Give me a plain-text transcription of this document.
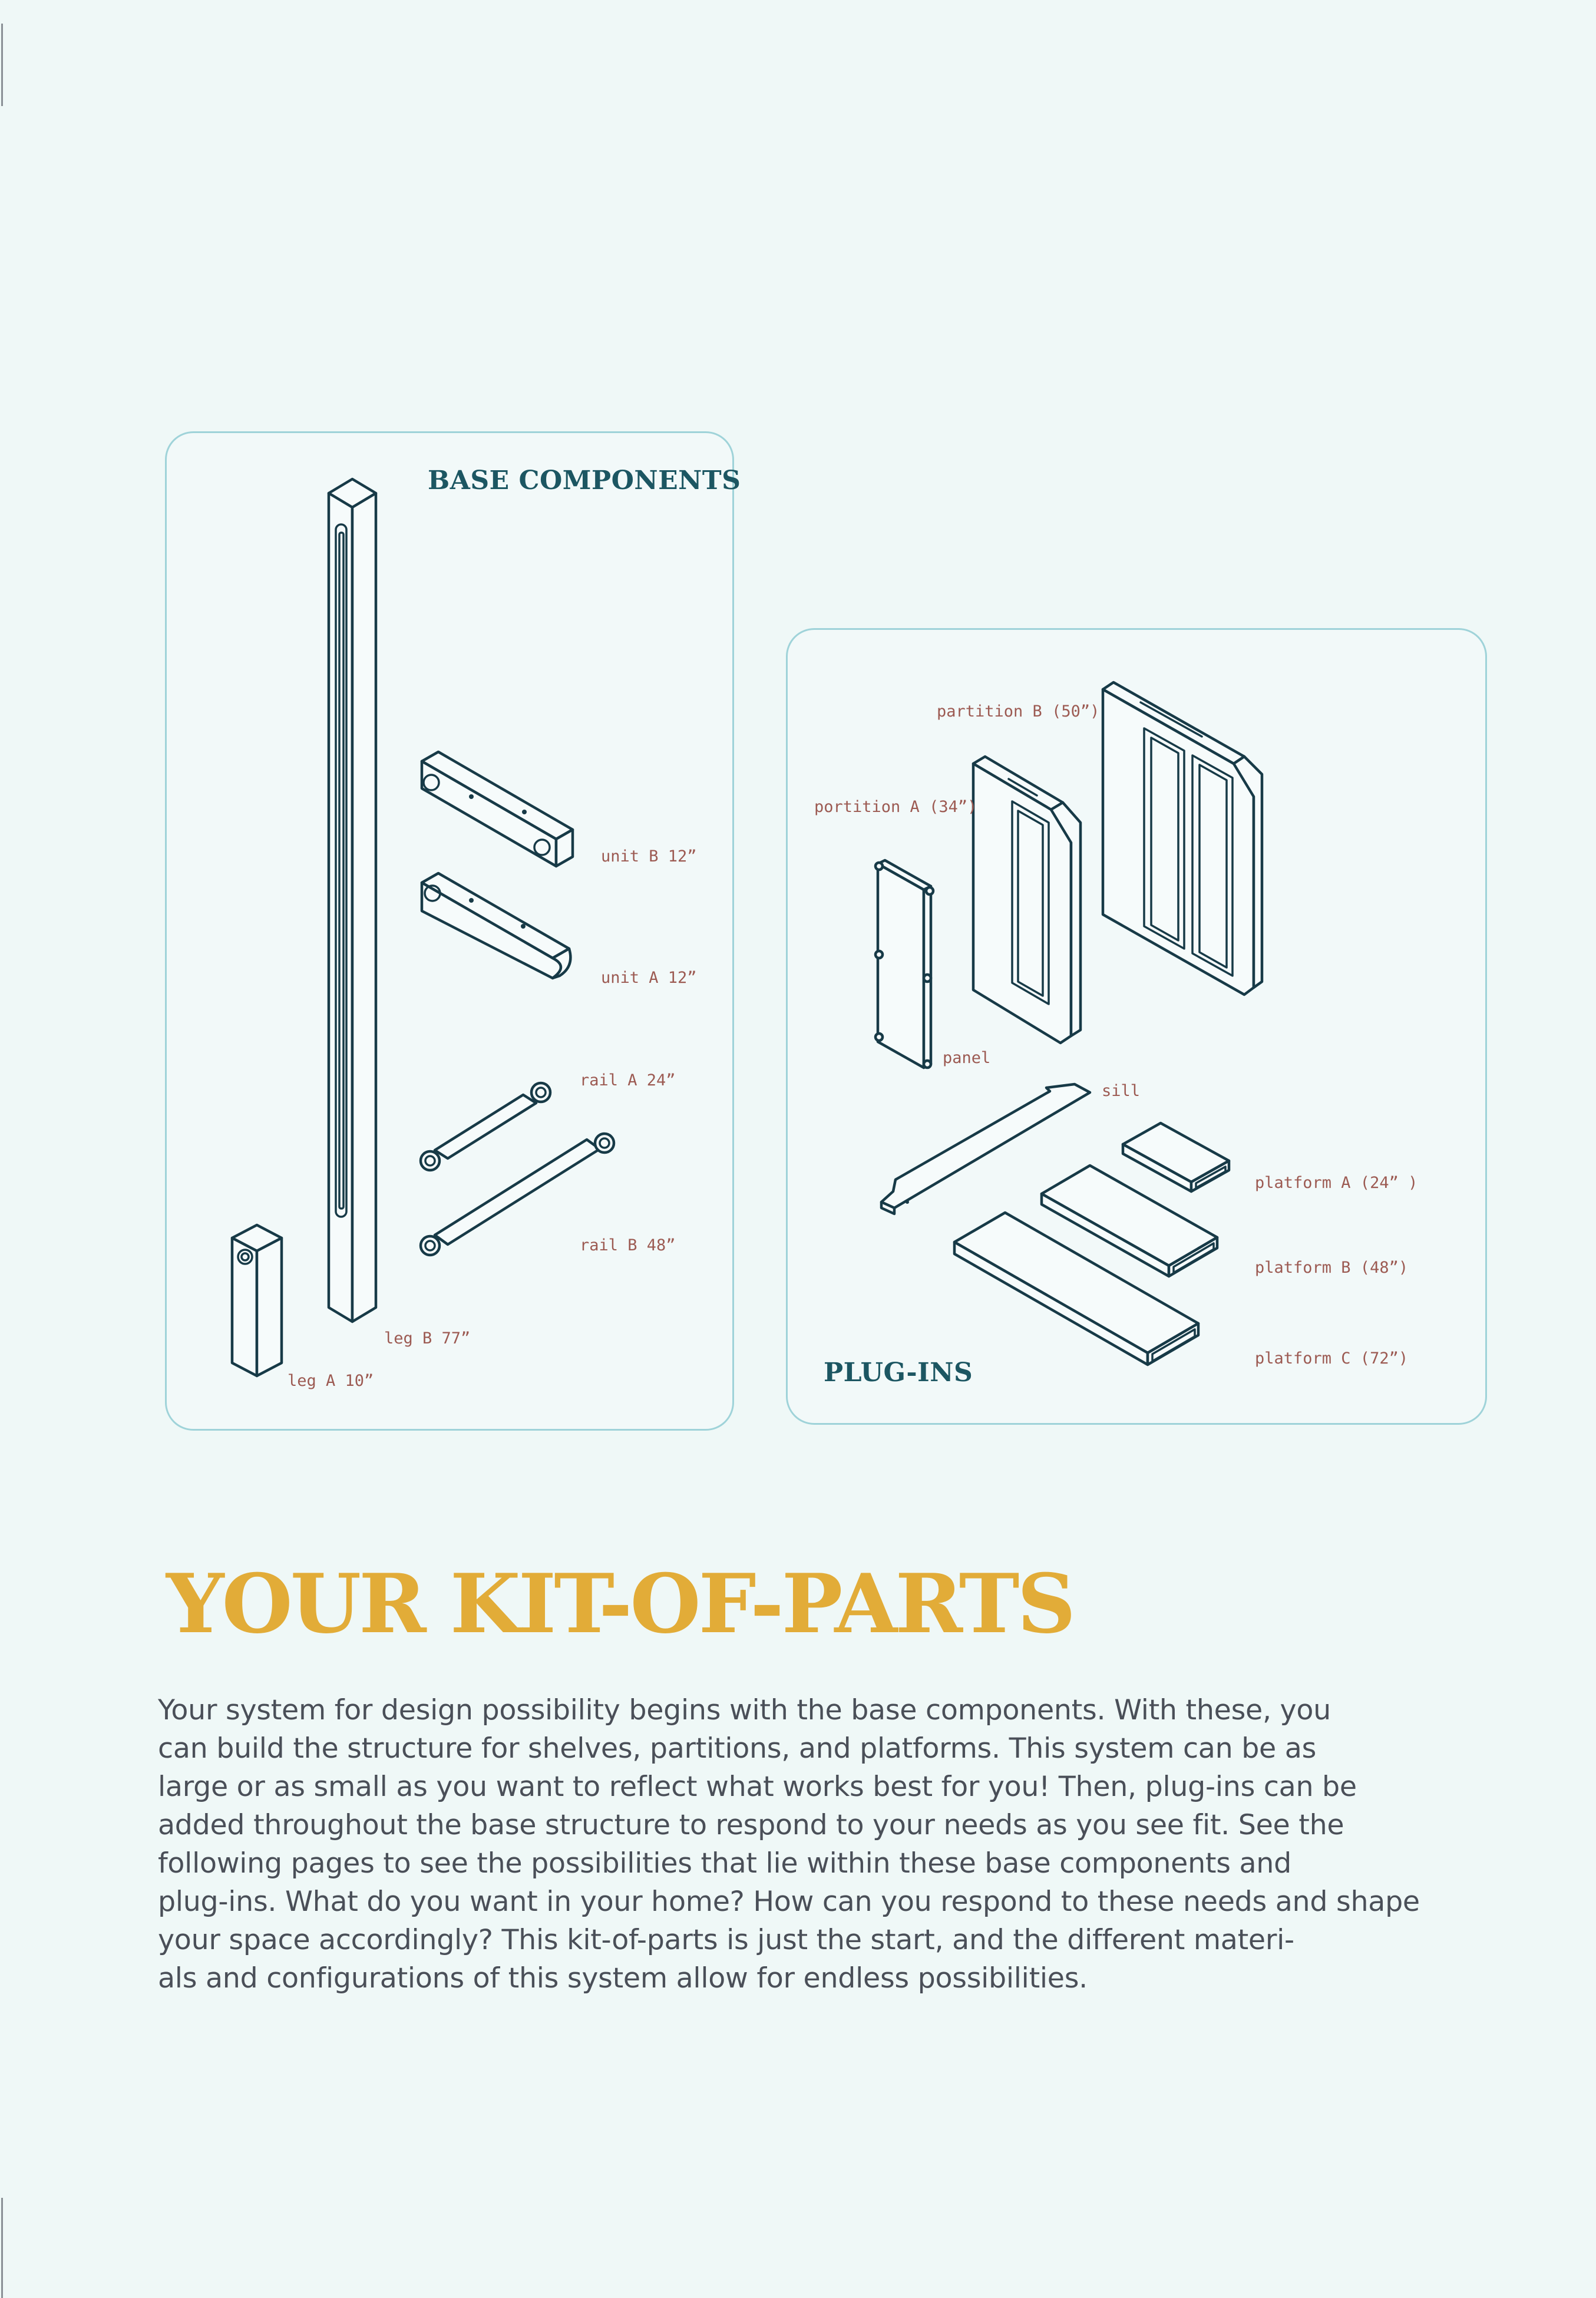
BASE COMPONENTS
PLUG-INS

unit B 12”

unit A 12”

rail A 24”

rail B 48”

leg B 77”

leg A 10”

partition B (50”)

portition A (34”)

panel

sill

platform A (24” )

platform B (48”)

platform C (72”)

YOUR KIT-OF-PARTS
Your system for design possibility begins with the base components. With these, you
can build the structure for shelves, partitions, and platforms. This system can be as
large or as small as you want to reflect what works best for you! Then, plug-ins can be
added throughout the base structure to respond to your needs as you see fit. See the
following pages to see the possibilities that lie within these base components and
plug-ins. What do you want in your home? How can you respond to these needs and shape
your space accordingly? This kit-of-parts is just the start, and the different materi-
als and configurations of this system allow for endless possibilities.
